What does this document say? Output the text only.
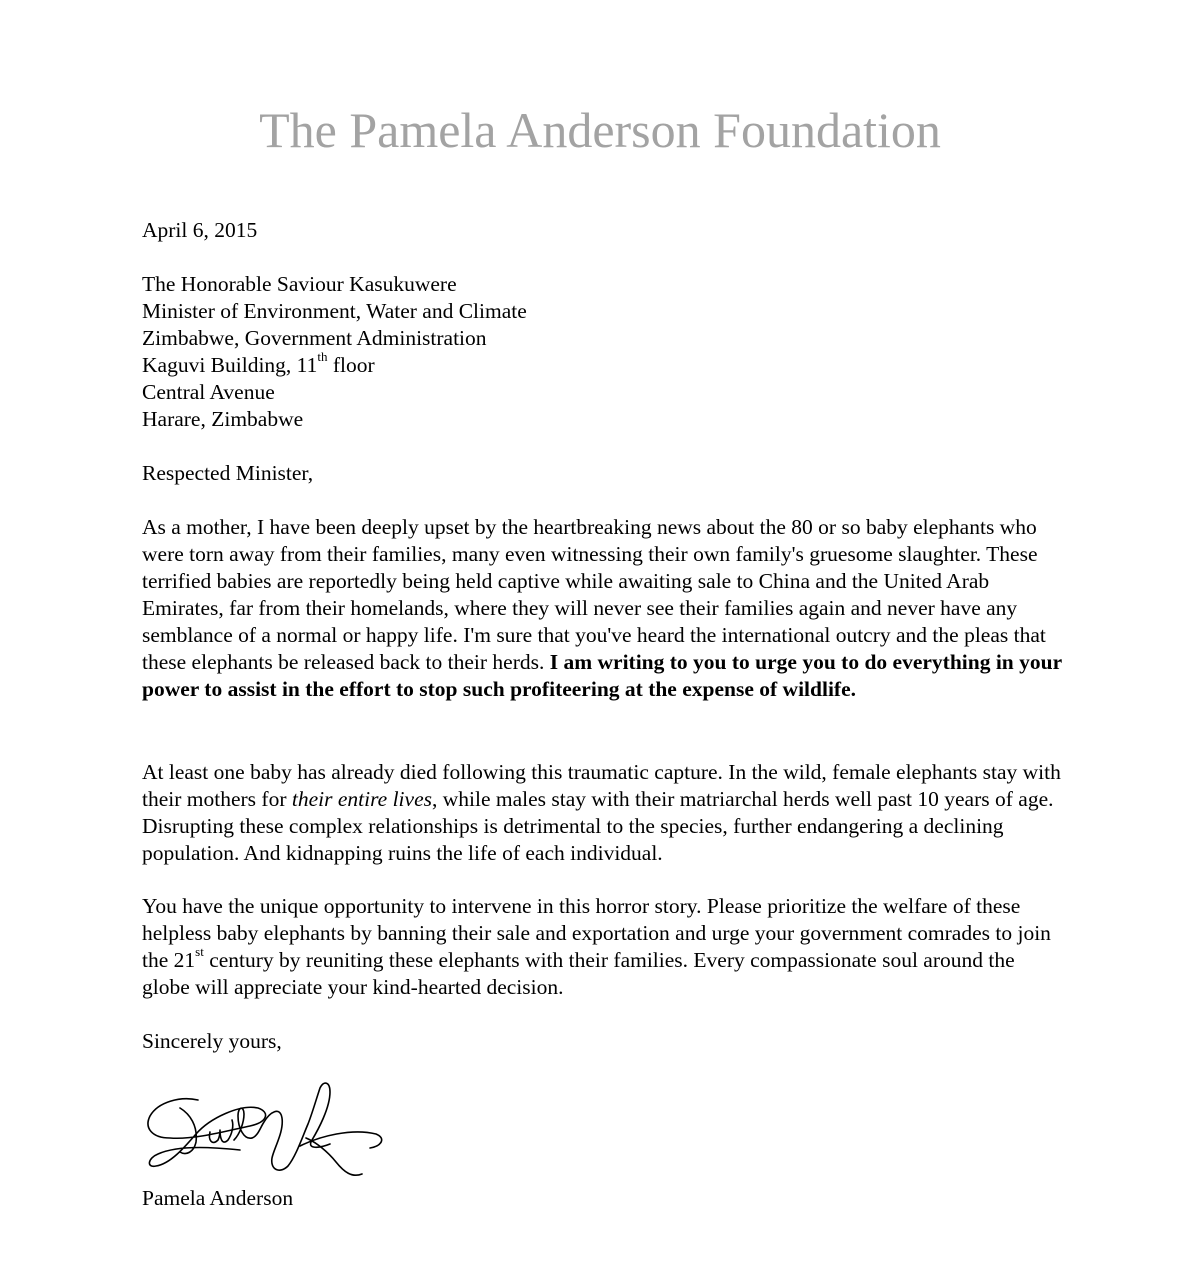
The Pamela Anderson Foundation
April 6, 2015
The Honorable Saviour Kasukuwere
Minister of Environment, Water and Climate
Zimbabwe, Government Administration
Kaguvi Building, 11th floor
Central Avenue
Harare, Zimbabwe
Respected Minister,
As a mother, I have been deeply upset by the heartbreaking news about the 80 or so baby elephants who were torn away from their families, many even witnessing their own family's gruesome slaughter. These terrified babies are reportedly being held captive while awaiting sale to China and the United Arab Emirates, far from their homelands, where they will never see their families again and never have any semblance of a normal or happy life. I'm sure that you've heard the international outcry and the pleas that these elephants be released back to their herds. I am writing to you to urge you to do everything in your power to assist in the effort to stop such profiteering at the expense of wildlife.
At least one baby has already died following this traumatic capture. In the wild, female elephants stay with their mothers for their entire lives, while males stay with their matriarchal herds well past 10 years of age. Disrupting these complex relationships is detrimental to the species, further endangering a declining population. And kidnapping ruins the life of each individual.
You have the unique opportunity to intervene in this horror story. Please prioritize the welfare of these helpless baby elephants by banning their sale and exportation and urge your government comrades to join the 21st century by reuniting these elephants with their families. Every compassionate soul around the globe will appreciate your kind-hearted decision.
Sincerely yours,
Pamela Anderson
